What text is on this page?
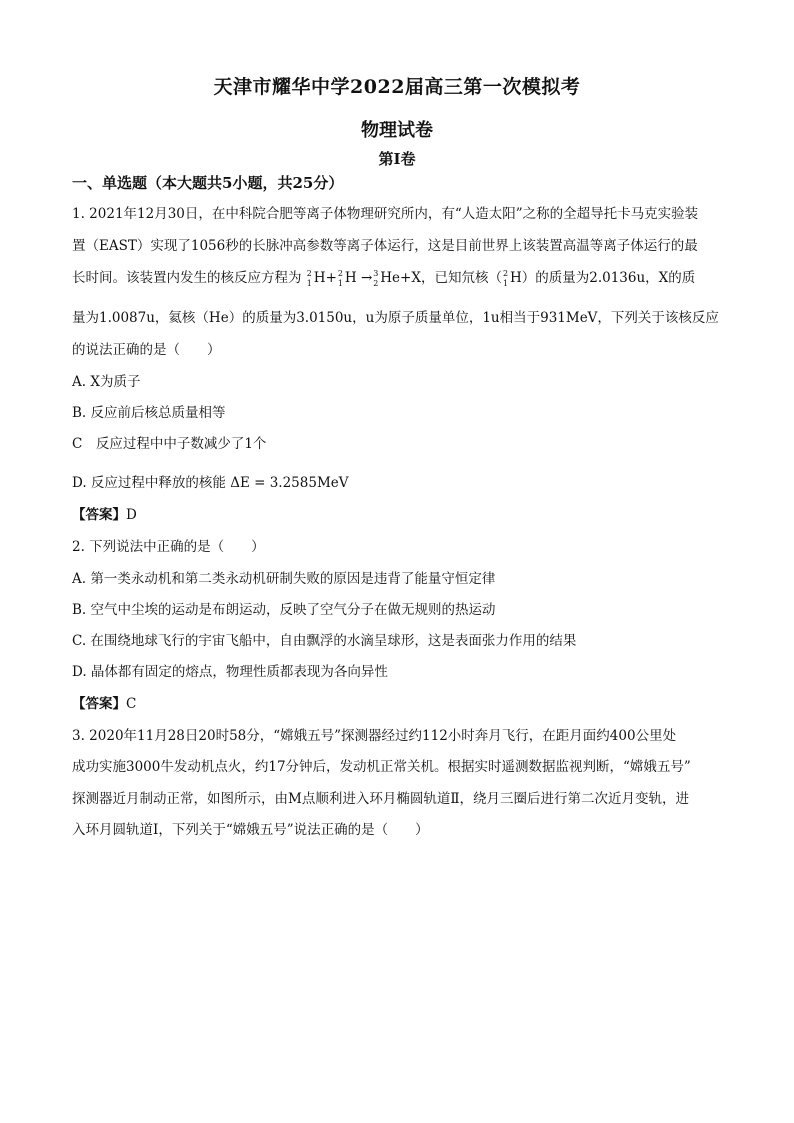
天津市耀华中学2022届高三第一次模拟考
物理试卷
第I卷
一、单选题（本大题共5小题，共25分）
1. 2021年12月30日，在中科院合肥等离子体物理研究所内，有“人造太阳”之称的全超导托卡马克实验装
置（EAST）实现了1056秒的长脉冲高参数等离子体运行，这是目前世界上该装置高温等离子体运行的最
长时间。该装置内发生的核反应方程为 2
1 H+ 2
1 H → 3
2 He+X，已知氘核（ 2
1 H）的质量为2.0136u，X的质
量为1.0087u，氦核（He）的质量为3.0150u，u为原子质量单位，1u相当于931MeV，下列关于该核反应
的说法正确的是（　　）
A. X为质子
B. 反应前后核总质量相等
C　反应过程中中子数减少了1个
D. 反应过程中释放的核能 ΔE = 3.2585MeV
【答案】D
2. 下列说法中正确的是（　　）
A. 第一类永动机和第二类永动机研制失败的原因是违背了能量守恒定律
B. 空气中尘埃的运动是布朗运动，反映了空气分子在做无规则的热运动
C. 在围绕地球飞行的宇宙飞船中，自由飘浮的水滴呈球形，这是表面张力作用的结果
D. 晶体都有固定的熔点，物理性质都表现为各向异性
【答案】C
3. 2020年11月28日20时58分，“嫦娥五号”探测器经过约112小时奔月飞行，在距月面约400公里处
成功实施3000牛发动机点火，约17分钟后，发动机正常关机。根据实时遥测数据监视判断，“嫦娥五号”
探测器近月制动正常，如图所示，由M点顺利进入环月椭圆轨道Ⅱ，绕月三圈后进行第二次近月变轨，进
入环月圆轨道Ⅰ，下列关于“嫦娥五号”说法正确的是（　　）
